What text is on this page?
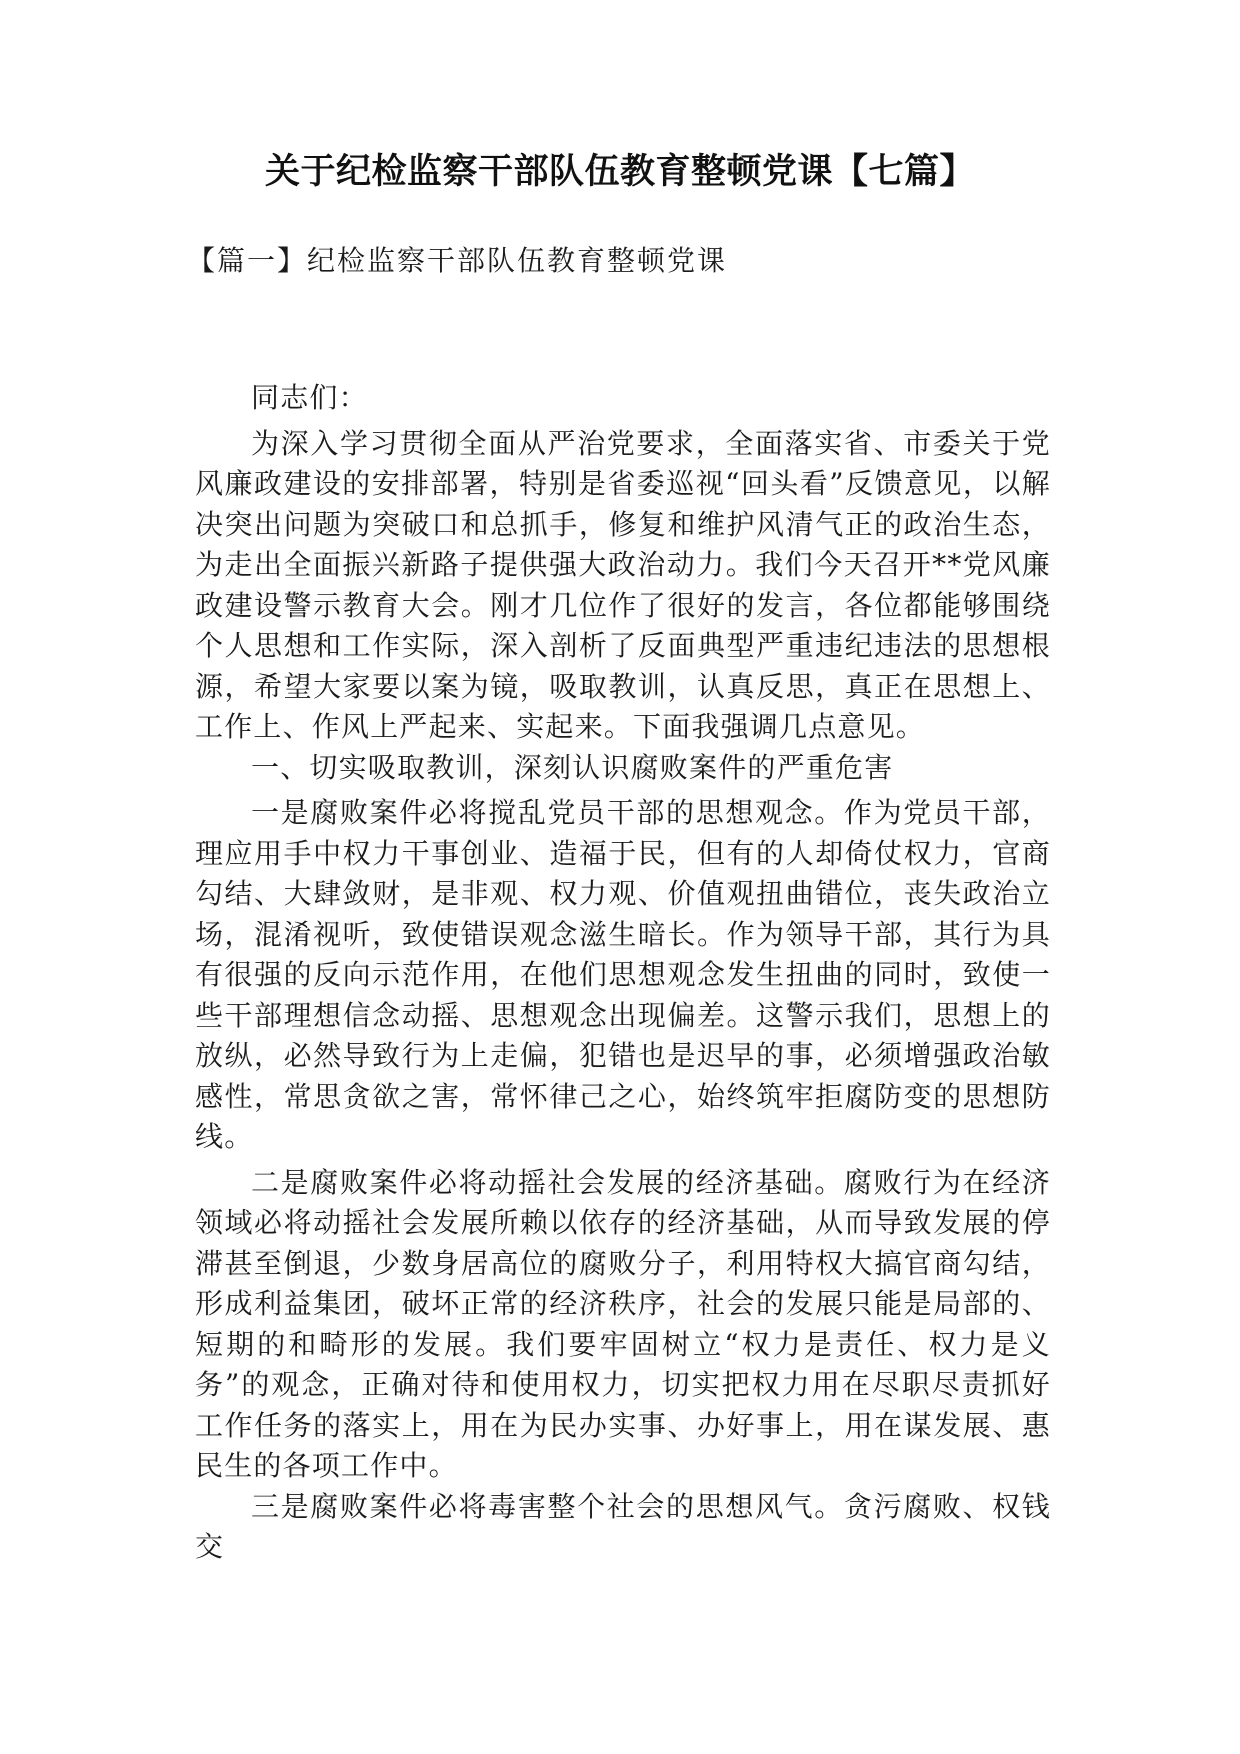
关于纪检监察干部队伍教育整顿党课【七篇】

【篇一】纪检监察干部队伍教育整顿党课

同志们：

为深入学习贯彻全面从严治党要求，全面落实省、市委关于党风廉政建设的安排部署，特别是省委巡视“回头看”反馈意见，以解决突出问题为突破口和总抓手，修复和维护风清气正的政治生态，为走出全面振兴新路子提供强大政治动力。我们今天召开**党风廉政建设警示教育大会。刚才几位作了很好的发言，各位都能够围绕个人思想和工作实际，深入剖析了反面典型严重违纪违法的思想根源，希望大家要以案为镜，吸取教训，认真反思，真正在思想上、工作上、作风上严起来、实起来。下面我强调几点意见。

一、切实吸取教训，深刻认识腐败案件的严重危害

一是腐败案件必将搅乱党员干部的思想观念。作为党员干部，理应用手中权力干事创业、造福于民，但有的人却倚仗权力，官商勾结、大肆敛财，是非观、权力观、价值观扭曲错位，丧失政治立场，混淆视听，致使错误观念滋生暗长。作为领导干部，其行为具有很强的反向示范作用，在他们思想观念发生扭曲的同时，致使一些干部理想信念动摇、思想观念出现偏差。这警示我们，思想上的放纵，必然导致行为上走偏，犯错也是迟早的事，必须增强政治敏感性，常思贪欲之害，常怀律己之心，始终筑牢拒腐防变的思想防线。

二是腐败案件必将动摇社会发展的经济基础。腐败行为在经济领域必将动摇社会发展所赖以依存的经济基础，从而导致发展的停滞甚至倒退，少数身居高位的腐败分子，利用特权大搞官商勾结，形成利益集团，破坏正常的经济秩序，社会的发展只能是局部的、短期的和畸形的发展。我们要牢固树立“权力是责任、权力是义务”的观念，正确对待和使用权力，切实把权力用在尽职尽责抓好工作任务的落实上，用在为民办实事、办好事上，用在谋发展、惠民生的各项工作中。

三是腐败案件必将毒害整个社会的思想风气。贪污腐败、权钱交
